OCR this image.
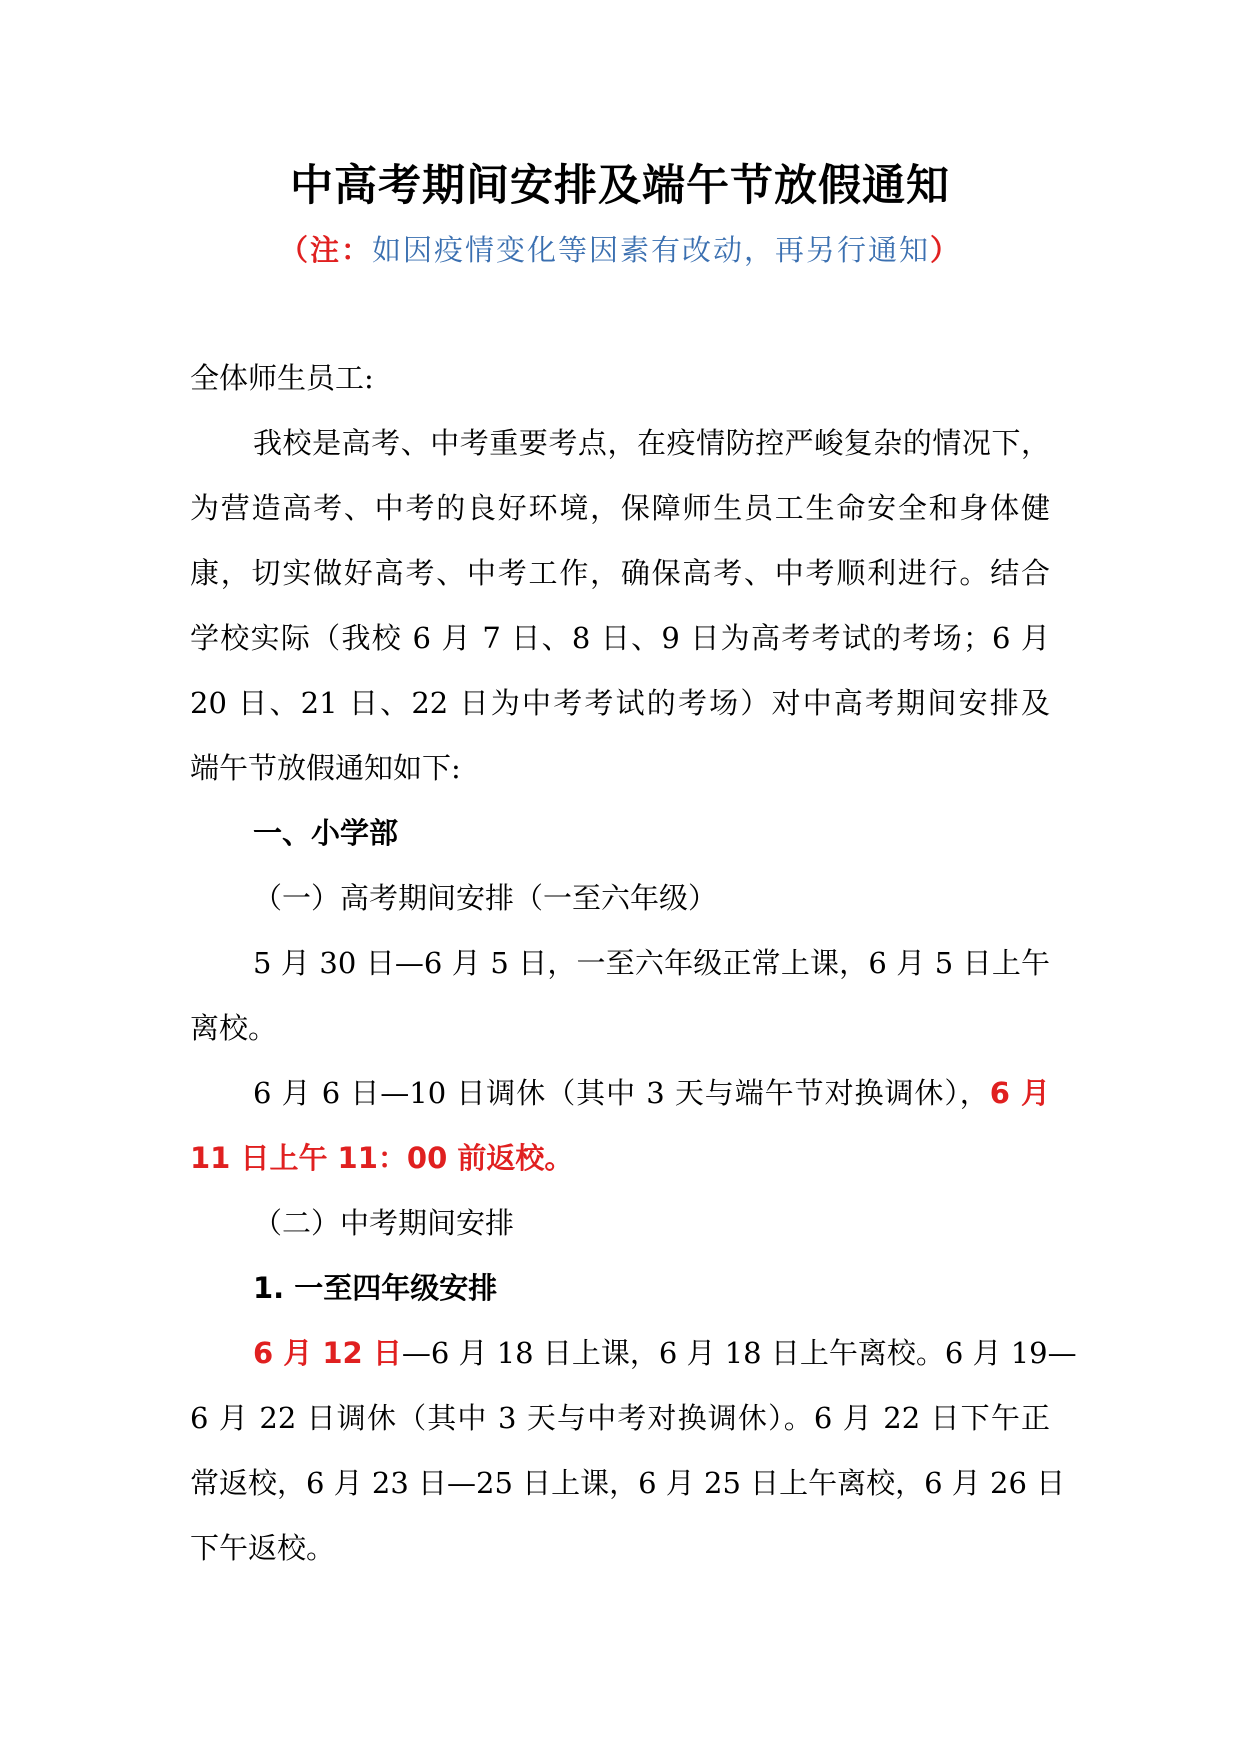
中高考期间安排及端午节放假通知
（注：如因疫情变化等因素有改动，再另行通知）
全体师生员工:
我校是高考、中考重要考点，在疫情防控严峻复杂的情况下，
为营造高考、中考的良好环境，保障师生员工生命安全和身体健
康，切实做好高考、中考工作，确保高考、中考顺利进行。结合
学校实际（我校 6 月 7 日、8 日、9 日为高考考试的考场；6 月
20 日、21 日、22 日为中考考试的考场）对中高考期间安排及
端午节放假通知如下:
一、小学部
（一）高考期间安排（一至六年级）
5 月 30 日—6 月 5 日，一至六年级正常上课，6 月 5 日上午
离校。
6 月 6 日—10 日调休（其中 3 天与端午节对换调休），6 月
11 日上午 11：00 前返校。
（二）中考期间安排
1. 一至四年级安排
6 月 12 日—6 月 18 日上课，6 月 18 日上午离校。6 月 19—
6 月 22 日调休（其中 3 天与中考对换调休）。6 月 22 日下午正
常返校，6 月 23 日—25 日上课，6 月 25 日上午离校，6 月 26 日
下午返校。
